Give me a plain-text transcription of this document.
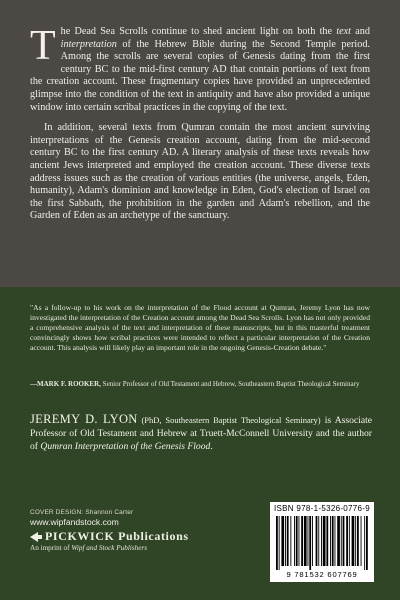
The Dead Sea Scrolls continue to shed ancient light on both the text and interpretation of the Hebrew Bible during the Second Temple period. Among the scrolls are several copies of Genesis dating from the first century BC to the mid-first century AD that contain portions of text from the creation account. These fragmentary copies have provided an unprecedented glimpse into the condition of the text in antiquity and have also provided a unique window into certain scribal practices in the copying of the text.

In addition, several texts from Qumran contain the most ancient surviving interpretations of the Genesis creation account, dating from the mid-second century BC to the first century AD. A literary analysis of these texts reveals how ancient Jews interpreted and employed the creation account. These diverse texts address issues such as the creation of various entities (the universe, angels, Eden, humanity), Adam's dominion and knowledge in Eden, God's election of Israel on the first Sabbath, the prohibition in the garden and Adam's rebellion, and the Garden of Eden as an archetype of the sanctuary.

"As a follow-up to his work on the interpretation of the Flood account at Qumran, Jeremy Lyon has now investigated the interpretation of the Creation account among the Dead Sea Scrolls. Lyon has not only provided a comprehensive analysis of the text and interpretation of these manuscripts, but in this masterful treatment convincingly shows how scribal practices were intended to reflect a particular interpretation of the Creation account. This analysis will likely play an important role in the ongoing Genesis-Creation debate."
—MARK F. ROOKER, Senior Professor of Old Testament and Hebrew, Southeastern Baptist Theological Seminary
JEREMY D. LYON (PhD, Southeastern Baptist Theological Seminary) is Associate Professor of Old Testament and Hebrew at Truett-McConnell University and the author of Qumran Interpretation of the Genesis Flood.
COVER DESIGN: Shannon Carter
www.wipfandstock.com
PICKWICK Publications
An imprint of Wipf and Stock Publishers
ISBN 978-1-5326-0776-9
9 781532 607769
